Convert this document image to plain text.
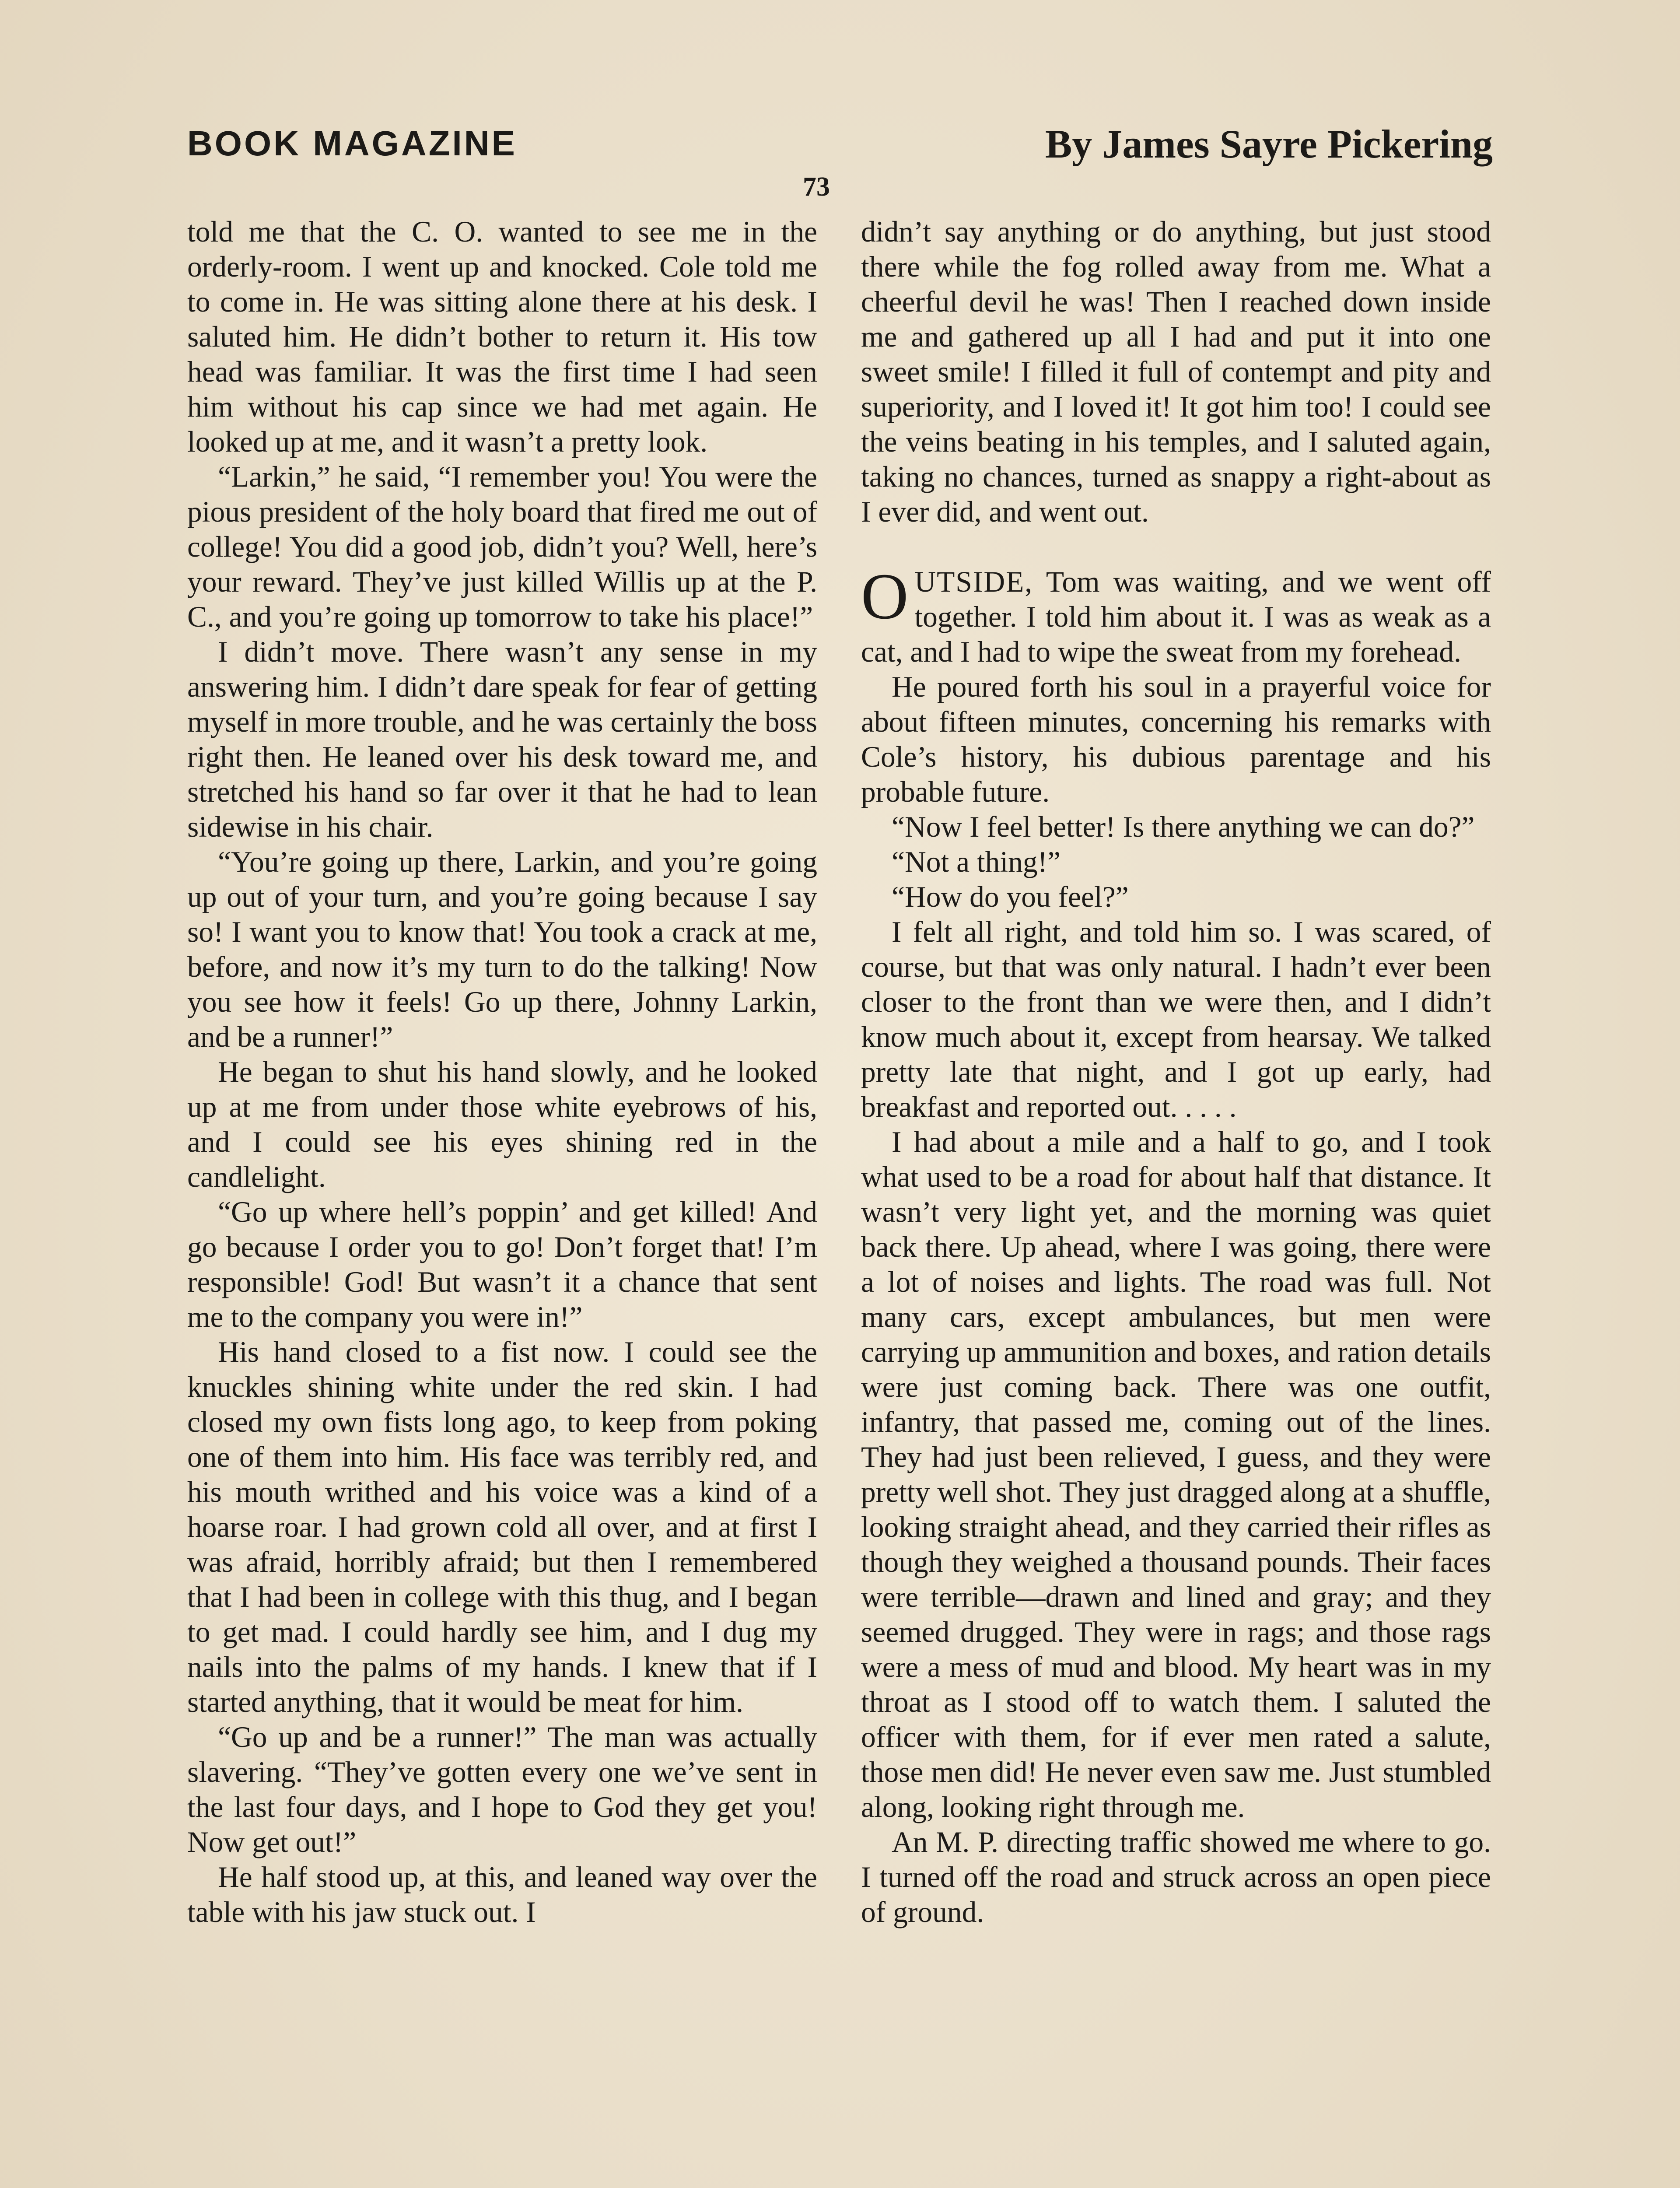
BOOK MAGAZINE	By James Sayre Pickering
73

told me that the C. O. wanted to see me in the orderly-room. I went up and knocked. Cole told me to come in. He was sitting alone there at his desk. I saluted him. He didn’t bother to return it. His tow head was familiar. It was the first time I had seen him without his cap since we had met again. He looked up at me, and it wasn’t a pretty look.

“Larkin,” he said, “I remember you! You were the pious president of the holy board that fired me out of college! You did a good job, didn’t you? Well, here’s your reward. They’ve just killed Willis up at the P. C., and you’re going up tomorrow to take his place!”

I didn’t move. There wasn’t any sense in my answering him. I didn’t dare speak for fear of getting myself in more trouble, and he was certainly the boss right then. He leaned over his desk toward me, and stretched his hand so far over it that he had to lean sidewise in his chair.

“You’re going up there, Larkin, and you’re going up out of your turn, and you’re going because I say so! I want you to know that! You took a crack at me, before, and now it’s my turn to do the talking! Now you see how it feels! Go up there, Johnny Larkin, and be a runner!”

He began to shut his hand slowly, and he looked up at me from under those white eyebrows of his, and I could see his eyes shining red in the candlelight.

“Go up where hell’s poppin’ and get killed! And go because I order you to go! Don’t forget that! I’m responsible! God! But wasn’t it a chance that sent me to the company you were in!”

His hand closed to a fist now. I could see the knuckles shining white under the red skin. I had closed my own fists long ago, to keep from poking one of them into him. His face was terribly red, and his mouth writhed and his voice was a kind of a hoarse roar. I had grown cold all over, and at first I was afraid, horribly afraid; but then I remembered that I had been in college with this thug, and I began to get mad. I could hardly see him, and I dug my nails into the palms of my hands. I knew that if I started anything, that it would be meat for him.

“Go up and be a runner!” The man was actually slavering. “They’ve gotten every one we’ve sent in the last four days, and I hope to God they get you! Now get out!”

He half stood up, at this, and leaned way over the table with his jaw stuck out. I

didn’t say anything or do anything, but just stood there while the fog rolled away from me. What a cheerful devil he was! Then I reached down inside me and gathered up all I had and put it into one sweet smile! I filled it full of contempt and pity and superiority, and I loved it! It got him too! I could see the veins beating in his temples, and I saluted again, taking no chances, turned as snappy a right-about as I ever did, and went out.

OUTSIDE, Tom was waiting, and we went off together. I told him about it. I was as weak as a cat, and I had to wipe the sweat from my forehead.

He poured forth his soul in a prayerful voice for about fifteen minutes, concerning his remarks with Cole’s history, his dubious parentage and his probable future.

“Now I feel better! Is there anything we can do?”

“Not a thing!”

“How do you feel?”

I felt all right, and told him so. I was scared, of course, but that was only natural. I hadn’t ever been closer to the front than we were then, and I didn’t know much about it, except from hearsay. We talked pretty late that night, and I got up early, had breakfast and reported out. . . . .

I had about a mile and a half to go, and I took what used to be a road for about half that distance. It wasn’t very light yet, and the morning was quiet back there. Up ahead, where I was going, there were a lot of noises and lights. The road was full. Not many cars, except ambulances, but men were carrying up ammunition and boxes, and ration details were just coming back. There was one outfit, infantry, that passed me, coming out of the lines. They had just been relieved, I guess, and they were pretty well shot. They just dragged along at a shuffle, looking straight ahead, and they carried their rifles as though they weighed a thousand pounds. Their faces were terrible—drawn and lined and gray; and they seemed drugged. They were in rags; and those rags were a mess of mud and blood. My heart was in my throat as I stood off to watch them. I saluted the officer with them, for if ever men rated a salute, those men did! He never even saw me. Just stumbled along, looking right through me.

An M. P. directing traffic showed me where to go. I turned off the road and struck across an open piece of ground.
